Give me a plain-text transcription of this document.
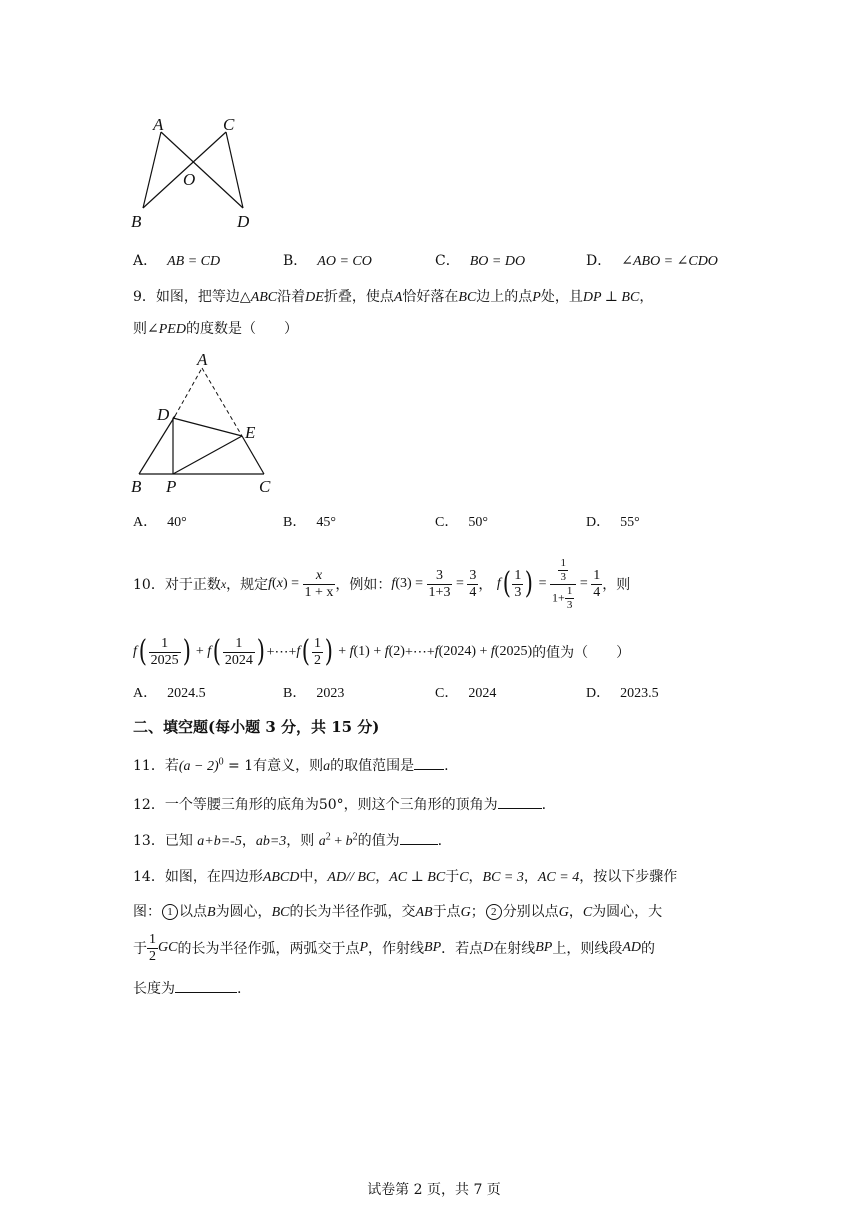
A	C
O
B	D
A． AB = CD	B． AO = CO	C． BO = DO	D． ∠ABO = ∠CDO
9．如图，把等边△ABC沿着DE折叠，使点A恰好落在BC边上的点P处，且DP ⊥ BC，
则∠PED的度数是（　　）
A
D
E
B P	C
A． 40°	B． 45°	C． 50°	D． 55°
10． 对于正数 x ，规定 f ( x ) = $\frac{x}{1 + x}$ ，例如： f ( 3 ) = $\frac{3}{1+3} = \frac{3}{4}$ ， f ( $\frac{1}{3}$ ) = $\frac{\frac{1}{3}}{1+ \frac{1}{3}} = \frac{1}{4}$ ，则
f ( $\frac{1}{2025}$ ) + f ( $\frac{1}{2024}$ ) +⋯+ f ( $\frac{1}{2}$ ) + f ( 1 ) + f ( 2 ) +⋯+ f ( 2024 ) + f ( 2025 ) 的值为（　　）
A． 2024.5	B． 2023	C． 2024	D． 2023.5
二、填空题(每小题 3 分，共 15 分)
11．若$(a - 2)^0 = 1$有意义，则a的取值范围是 .
12．一个等腰三角形的底角为50°，则这个三角形的顶角为	.
13．已知 a+b=-5，ab=3，则 $a^2 + b^2$的值为	.
14．如图，在四边形ABCD中，AD// BC，AC ⊥ BC于C，BC = 3，AC = 4，按以下步骤作
图： 1 以点B为圆心，BC的长为半径作弧，交AB于点G； 2 分别以点G，C为圆心，大
于 $\frac{1}{2}$ GC 的长为半径作弧，两弧交于点 P ，作射线 BP ．若点 D 在射线 BP 上，则线段 AD 的
长度为	.
试卷第 2 页，共 7 页
